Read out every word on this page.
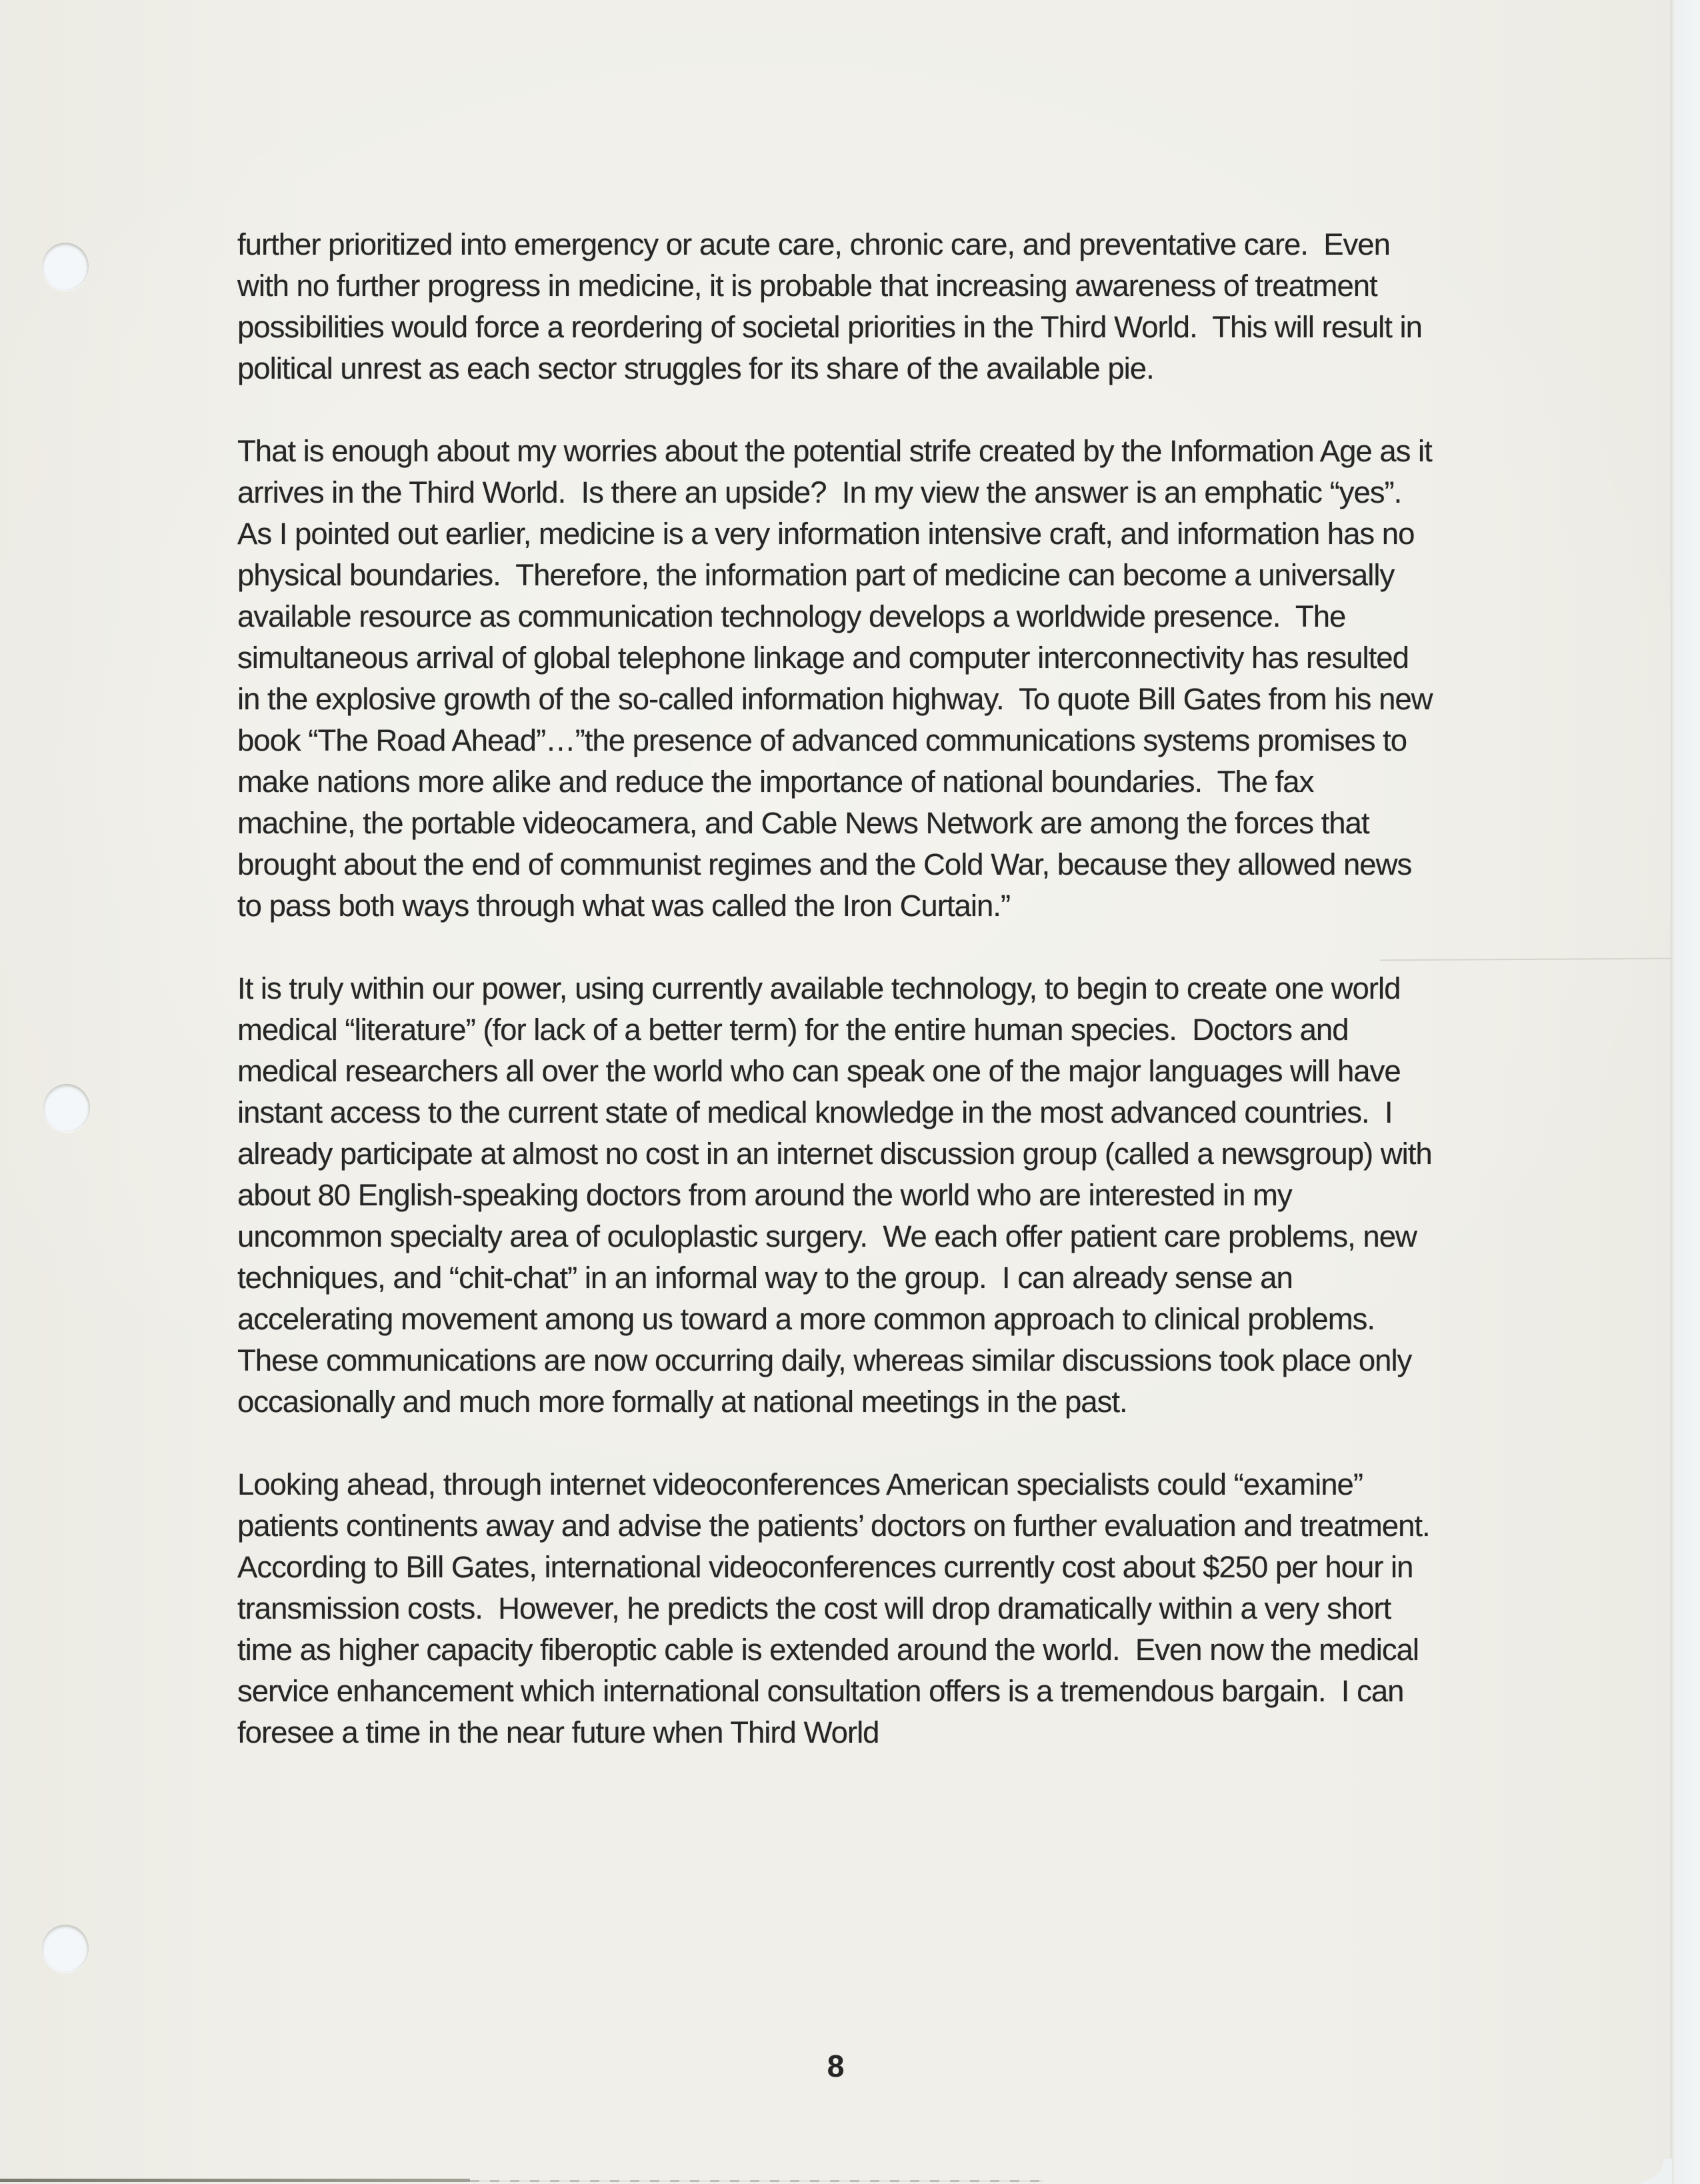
further prioritized into emergency or acute care, chronic care, and preventative care.  Even with no further progress in medicine, it is probable that increasing awareness of treatment possibilities would force a reordering of societal priorities in the Third World.  This will result in political unrest as each sector struggles for its share of the available pie.

That is enough about my worries about the potential strife created by the Information Age as it arrives in the Third World.  Is there an upside?  In my view the answer is an emphatic “yes”.  As I pointed out earlier, medicine is a very information intensive craft, and information has no physical boundaries.  Therefore, the information part of medicine can become a universally available resource as communication technology develops a worldwide presence.  The simultaneous arrival of global telephone linkage and computer interconnectivity has resulted in the explosive growth of the so-called information highway.  To quote Bill Gates from his new book “The Road Ahead”…”the presence of advanced communications systems promises to make nations more alike and reduce the importance of national boundaries.  The fax machine, the portable videocamera, and Cable News Network are among the forces that brought about the end of communist regimes and the Cold War, because they allowed news to pass both ways through what was called the Iron Curtain.”

It is truly within our power, using currently available technology, to begin to create one world medical “literature” (for lack of a better term) for the entire human species.  Doctors and medical researchers all over the world who can speak one of the major languages will have instant access to the current state of medical knowledge in the most advanced countries.  I already participate at almost no cost in an internet discussion group (called a newsgroup) with about 80 English-speaking doctors from around the world who are interested in my uncommon specialty area of oculoplastic surgery.  We each offer patient care problems, new techniques, and “chit-chat” in an informal way to the group.  I can already sense an accelerating movement among us toward a more common approach to clinical problems.  These communications are now occurring daily, whereas similar discussions took place only occasionally and much more formally at national meetings in the past.

Looking ahead, through internet videoconferences American specialists could “examine” patients continents away and advise the patients’ doctors on further evaluation and treatment.  According to Bill Gates, international videoconferences currently cost about $250 per hour in transmission costs.  However, he predicts the cost will drop dramatically within a very short time as higher capacity fiberoptic cable is extended around the world.  Even now the medical service enhancement which international consultation offers is a tremendous bargain.  I can foresee a time in the near future when Third World

8
